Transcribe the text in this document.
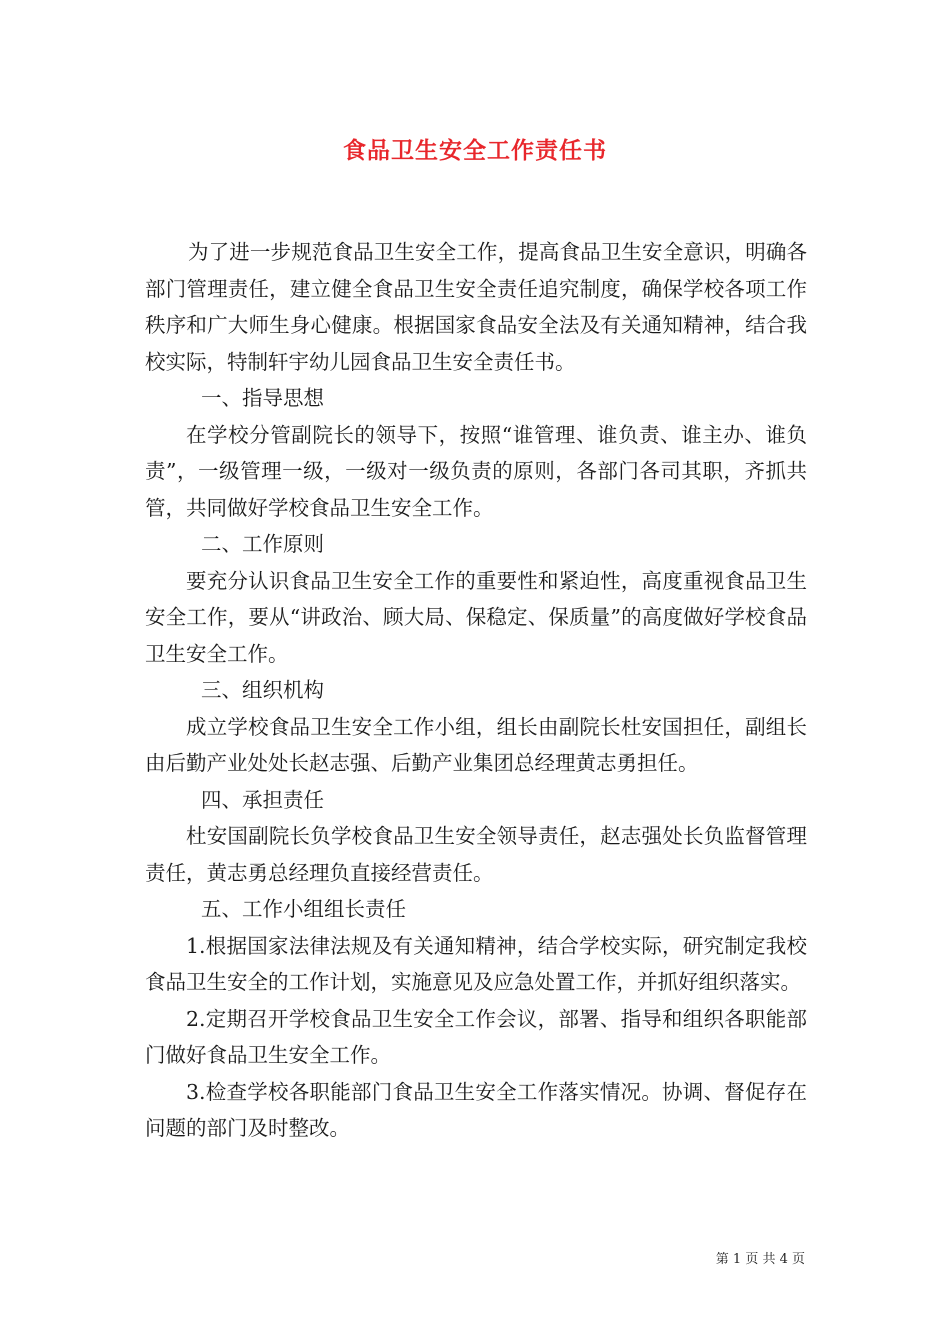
食品卫生安全工作责任书

为了进一步规范食品卫生安全工作，提高食品卫生安全意识，明确各部门管理责任，建立健全食品卫生安全责任追究制度，确保学校各项工作秩序和广大师生身心健康。根据国家食品安全法及有关通知精神，结合我校实际，特制轩宇幼儿园食品卫生安全责任书。

一、指导思想

在学校分管副院长的领导下，按照“谁管理、谁负责、谁主办、谁负责”，一级管理一级，一级对一级负责的原则，各部门各司其职，齐抓共管，共同做好学校食品卫生安全工作。

二、工作原则

要充分认识食品卫生安全工作的重要性和紧迫性，高度重视食品卫生安全工作，要从“讲政治、顾大局、保稳定、保质量”的高度做好学校食品卫生安全工作。

三、组织机构

成立学校食品卫生安全工作小组，组长由副院长杜安国担任，副组长由后勤产业处处长赵志强、后勤产业集团总经理黄志勇担任。

四、承担责任

杜安国副院长负学校食品卫生安全领导责任，赵志强处长负监督管理责任，黄志勇总经理负直接经营责任。

五、工作小组组长责任

1.根据国家法律法规及有关通知精神，结合学校实际，研究制定我校食品卫生安全的工作计划，实施意见及应急处置工作，并抓好组织落实。

2.定期召开学校食品卫生安全工作会议，部署、指导和组织各职能部门做好食品卫生安全工作。

3.检查学校各职能部门食品卫生安全工作落实情况。协调、督促存在问题的部门及时整改。

第 1 页 共 4 页
